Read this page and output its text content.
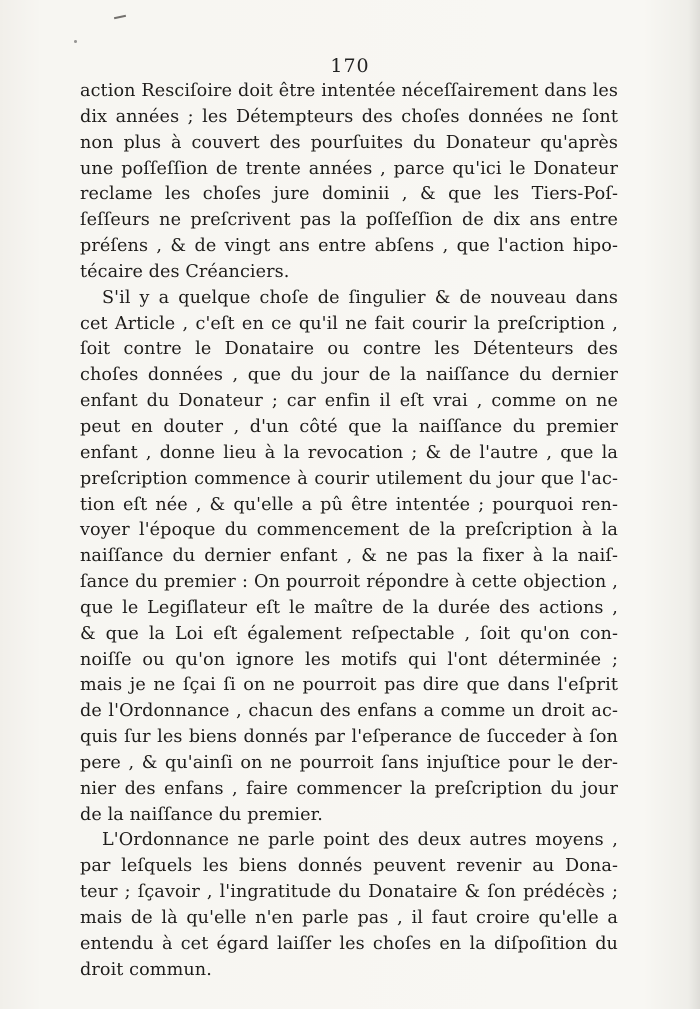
170
action Resciſoire doit être intentée néceſſairement dans les
dix années ; les Détempteurs des choſes données ne ſont
non plus à couvert des pourſuites du Donateur qu'après
une poſſeſſion de trente années , parce qu'ici le Donateur
reclame les choſes jure dominii , & que les Tiers-Poſ-
ſeſſeurs ne preſcrivent pas la poſſeſſion de dix ans entre
préſens , & de vingt ans entre abſens , que l'action hipo-
técaire des Créanciers.
S'il y a quelque choſe de ſingulier & de nouveau dans
cet Article , c'eſt en ce qu'il ne fait courir la preſcription ,
ſoit contre le Donataire ou contre les Détenteurs des
choſes données , que du jour de la naiſſance du dernier
enfant du Donateur ; car enfin il eſt vrai , comme on ne
peut en douter , d'un côté que la naiſſance du premier
enfant , donne lieu à la revocation ; & de l'autre , que la
preſcription commence à courir utilement du jour que l'ac-
tion eſt née , & qu'elle a pû être intentée ; pourquoi ren-
voyer l'époque du commencement de la preſcription à la
naiſſance du dernier enfant , & ne pas la fixer à la naiſ-
ſance du premier : On pourroit répondre à cette objection ,
que le Legiſlateur eſt le maître de la durée des actions ,
& que la Loi eſt également reſpectable , ſoit qu'on con-
noiſſe ou qu'on ignore les motifs qui l'ont déterminée ;
mais je ne ſçai ſi on ne pourroit pas dire que dans l'eſprit
de l'Ordonnance , chacun des enfans a comme un droit ac-
quis ſur les biens donnés par l'eſperance de ſucceder à ſon
pere , & qu'ainſi on ne pourroit ſans injuſtice pour le der-
nier des enfans , faire commencer la preſcription du jour
de la naiſſance du premier.
L'Ordonnance ne parle point des deux autres moyens ,
par leſquels les biens donnés peuvent revenir au Dona-
teur ; ſçavoir , l'ingratitude du Donataire & ſon prédécès ;
mais de là qu'elle n'en parle pas , il faut croire qu'elle a
entendu à cet égard laiſſer les choſes en la diſpoſition du
droit commun.
